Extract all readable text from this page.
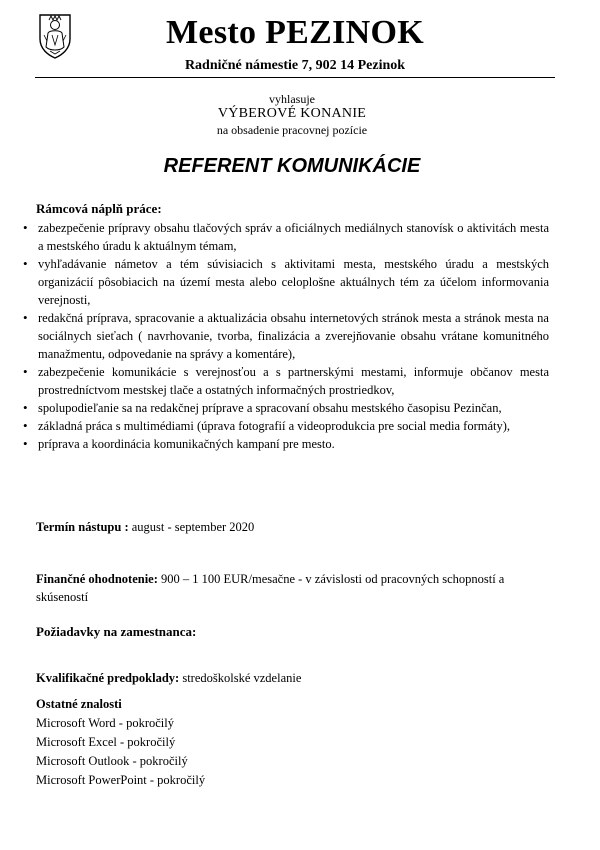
Mesto PEZINOK
Radničné námestie 7, 902 14 Pezinok
vyhlasuje
VÝBEROVÉ KONANIE
na obsadenie pracovnej pozície
REFERENT KOMUNIKÁCIE
Rámcová náplň práce:
• zabezpečenie prípravy obsahu tlačových správ a oficiálnych mediálnych stanovísk o aktivitách mesta a mestského úradu k aktuálnym témam,
• vyhľadávanie námetov a tém súvisiacich s aktivitami mesta, mestského úradu a mestských organizácií pôsobiacich na území mesta alebo celoplošne aktuálnych tém za účelom informovania verejnosti,
• redakčná príprava, spracovanie a aktualizácia obsahu internetových stránok mesta a stránok mesta na sociálnych sieťach ( navrhovanie, tvorba, finalizácia a zverejňovanie obsahu vrátane komunitného manažmentu, odpovedanie na správy a komentáre),
• zabezpečenie komunikácie s verejnosťou a s partnerskými mestami, informuje občanov mesta prostredníctvom mestskej tlače a ostatných informačných prostriedkov,
• spolupodieľanie sa na redakčnej príprave a spracovaní obsahu mestského časopisu Pezinčan,
• základná práca s multimédiami (úprava fotografií a videoprodukcia pre social media formáty),
• príprava a koordinácia komunikačných kampaní pre mesto.
Termín nástupu : august - september 2020
Finančné ohodnotenie: 900 – 1 100 EUR/mesačne - v závislosti od pracovných schopností a skúseností
Požiadavky na zamestnanca:
Kvalifikačné predpoklady: stredoškolské vzdelanie
Ostatné znalosti
Microsoft Word - pokročilý
Microsoft Excel - pokročilý
Microsoft Outlook - pokročilý
Microsoft PowerPoint - pokročilý
